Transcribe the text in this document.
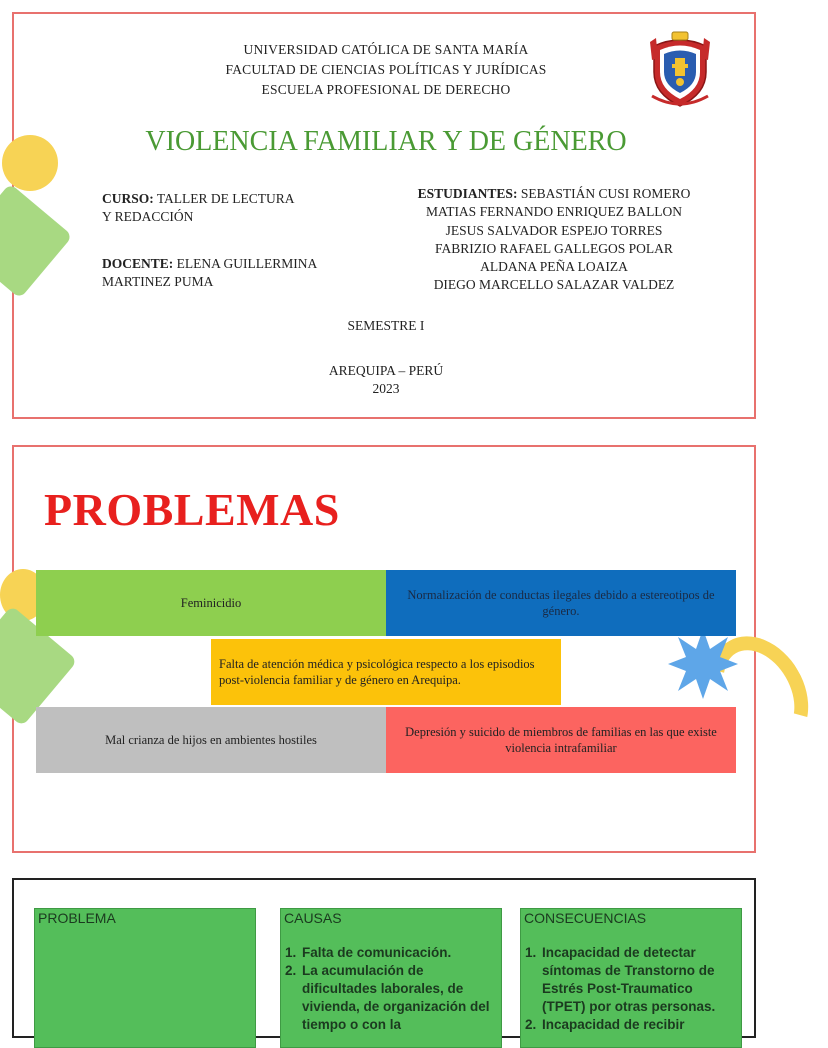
UNIVERSIDAD CATÓLICA DE SANTA MARÍA
FACULTAD DE CIENCIAS POLÍTICAS Y JURÍDICAS
ESCUELA PROFESIONAL DE DERECHO
VIOLENCIA FAMILIAR Y DE GÉNERO
CURSO: TALLER DE LECTURA
Y REDACCIÓN
DOCENTE: ELENA GUILLERMINA
MARTINEZ PUMA
ESTUDIANTES: SEBASTIÁN CUSI ROMERO
MATIAS FERNANDO ENRIQUEZ BALLON
JESUS SALVADOR ESPEJO TORRES
FABRIZIO RAFAEL GALLEGOS POLAR
ALDANA PEÑA LOAIZA
DIEGO MARCELLO SALAZAR VALDEZ
SEMESTRE I
AREQUIPA – PERÚ
2023
PROBLEMAS
Feminicidio
Normalización de conductas ilegales debido a estereotipos de género.
Falta de atención médica y psicológica respecto a los episodios post-violencia familiar y de género en Arequipa.
Mal crianza de hijos en ambientes hostiles
Depresión y suicido de miembros de familias en las que existe violencia intrafamiliar
PROBLEMA	CAUSAS
1. Falta de comunicación.
2. La acumulación de dificultades laborales, de vivienda, de organización del tiempo o con la
CONSECUENCIAS
1. Incapacidad de detectar síntomas de Transtorno de Estrés Post-Traumatico (TPET) por otras personas.
2. Incapacidad de recibir
